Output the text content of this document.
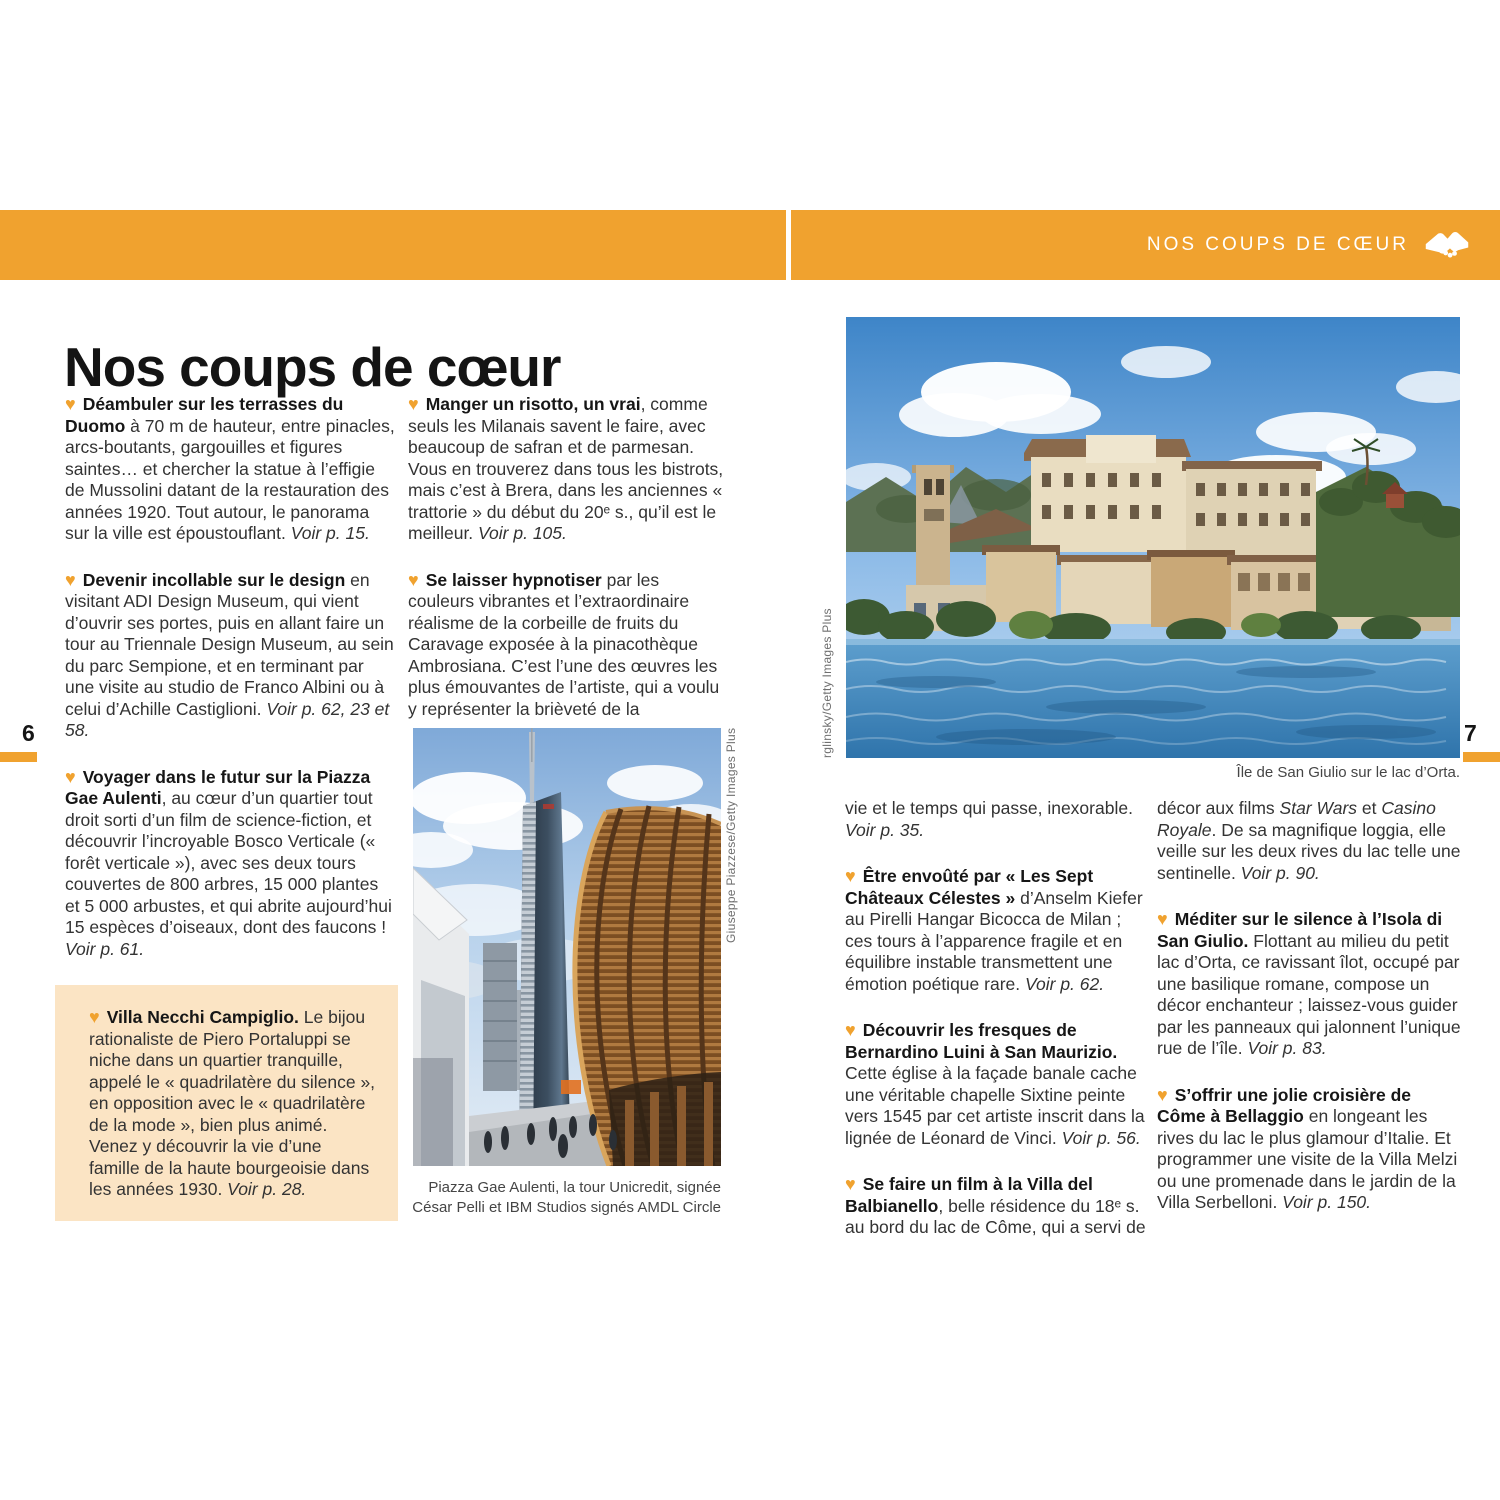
NOS COUPS DE CŒUR
Nos coups de cœur

♥ Déambuler sur les terrasses du Duomo à 70 m de hauteur, entre pinacles, arcs-boutants, gargouilles et figures saintes… et chercher la statue à l’effigie de Mussolini datant de la restauration des années 1920. Tout autour, le panorama sur la ville est époustouflant. Voir p. 15.

♥ Devenir incollable sur le design en visitant ADI Design Museum, qui vient d’ouvrir ses portes, puis en allant faire un tour au Triennale Design Museum, au sein du parc Sempione, et en terminant par une visite au studio de Franco Albini ou à celui d’Achille Castiglioni. Voir p. 62, 23 et 58.

♥ Voyager dans le futur sur la Piazza Gae Aulenti, au cœur d’un quartier tout droit sorti d’un film de science-fiction, et découvrir l’incroyable Bosco Verticale (« forêt verticale »), avec ses deux tours couvertes de 800 arbres, 15 000 plantes et 5 000 arbustes, et qui abrite aujourd’hui 15 espèces d’oiseaux, dont des faucons ! Voir p. 61.

♥ Villa Necchi Campiglio. Le bijou rationaliste de Piero Portaluppi se niche dans un quartier tranquille, appelé le « quadrilatère du silence », en opposition avec le « quadrilatère de la mode », bien plus animé. Venez y découvrir la vie d’une famille de la haute bourgeoisie dans les années 1930. Voir p. 28.

♥ Manger un risotto, un vrai, comme seuls les Milanais savent le faire, avec beaucoup de safran et de parmesan. Vous en trouverez dans tous les bistrots, mais c’est à Brera, dans les anciennes « trattorie » du début du 20ᵉ s., qu’il est le meilleur. Voir p. 105.

♥ Se laisser hypnotiser par les couleurs vibrantes et l’extraordinaire réalisme de la corbeille de fruits du Caravage exposée à la pinacothèque Ambrosiana. C’est l’une des œuvres les plus émouvantes de l’artiste, qui a voulu y représenter la brièveté de la

Giuseppe Piazzese/Getty Images Plus
Piazza Gae Aulenti, la tour Unicredit, signée César Pelli et IBM Studios signés AMDL Circle
6	rglinsky/Getty Images Plus
Île de San Giulio sur le lac d’Orta.

vie et le temps qui passe, inexorable. Voir p. 35.

♥ Être envoûté par « Les Sept Châteaux Célestes » d’Anselm Kiefer au Pirelli Hangar Bicocca de Milan ; ces tours à l’apparence fragile et en équilibre instable transmettent une émotion poétique rare. Voir p. 62.

♥ Découvrir les fresques de Bernardino Luini à San Maurizio. Cette église à la façade banale cache une véritable chapelle Sixtine peinte vers 1545 par cet artiste inscrit dans la lignée de Léonard de Vinci. Voir p. 56.

♥ Se faire un film à la Villa del Balbianello, belle résidence du 18ᵉ s. au bord du lac de Côme, qui a servi de

décor aux films Star Wars et Casino Royale. De sa magnifique loggia, elle veille sur les deux rives du lac telle une sentinelle. Voir p. 90.

♥ Méditer sur le silence à l’Isola di San Giulio. Flottant au milieu du petit lac d’Orta, ce ravissant îlot, occupé par une basilique romane, compose un décor enchanteur ; laissez-vous guider par les panneaux qui jalonnent l’unique rue de l’île. Voir p. 83.

♥ S’offrir une jolie croisière de Côme à Bellaggio en longeant les rives du lac le plus glamour d’Italie. Et programmer une visite de la Villa Melzi ou une promenade dans le jardin de la Villa Serbelloni. Voir p. 150.

7
